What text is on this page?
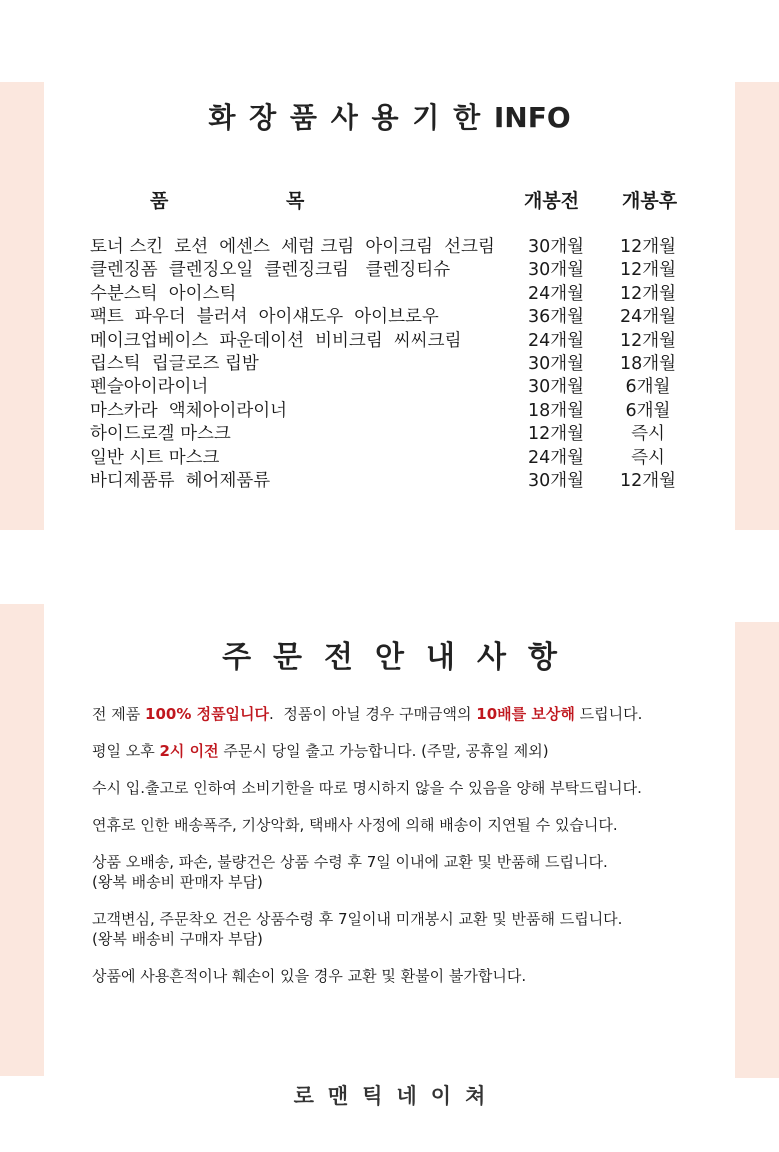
화 장 품 사 용 기 한 INFO
품	목	개봉전 개봉후
토너 스킨  로션  에센스  세럼 크림  아이크림  선크림 30개월	12개월
클렌징폼  클렌징오일  클렌징크림   클렌징티슈	30개월	12개월
수분스틱  아이스틱	24개월	12개월
팩트  파우더  블러셔  아이섀도우  아이브로우	36개월	24개월
메이크업베이스  파운데이션  비비크림  씨씨크림	24개월	12개월
립스틱  립글로즈 립밤	30개월	18개월
펜슬아이라이너	30개월	6개월
마스카라  액체아이라이너	18개월	6개월
하이드로겔 마스크	12개월	즉시
일반 시트 마스크	24개월	즉시
바디제품류  헤어제품류	30개월	12개월
주문전안내사항

전 제품 100% 정품입니다.  정품이 아닐 경우 구매금액의 10배를 보상해 드립니다.

평일 오후 2시 이전 주문시 당일 출고 가능합니다. (주말, 공휴일 제외)

수시 입.출고로 인하여 소비기한을 따로 명시하지 않을 수 있음을 양해 부탁드립니다.

연휴로 인한 배송폭주, 기상악화, 택배사 사정에 의해 배송이 지연될 수 있습니다.

상품 오배송, 파손, 불량건은 상품 수령 후 7일 이내에 교환 및 반품해 드립니다.
(왕복 배송비 판매자 부담)

고객변심, 주문착오 건은 상품수령 후 7일이내 미개봉시 교환 및 반품해 드립니다.
(왕복 배송비 구매자 부담)

상품에 사용흔적이나 훼손이 있을 경우 교환 및 환불이 불가합니다.

로맨틱네이쳐
